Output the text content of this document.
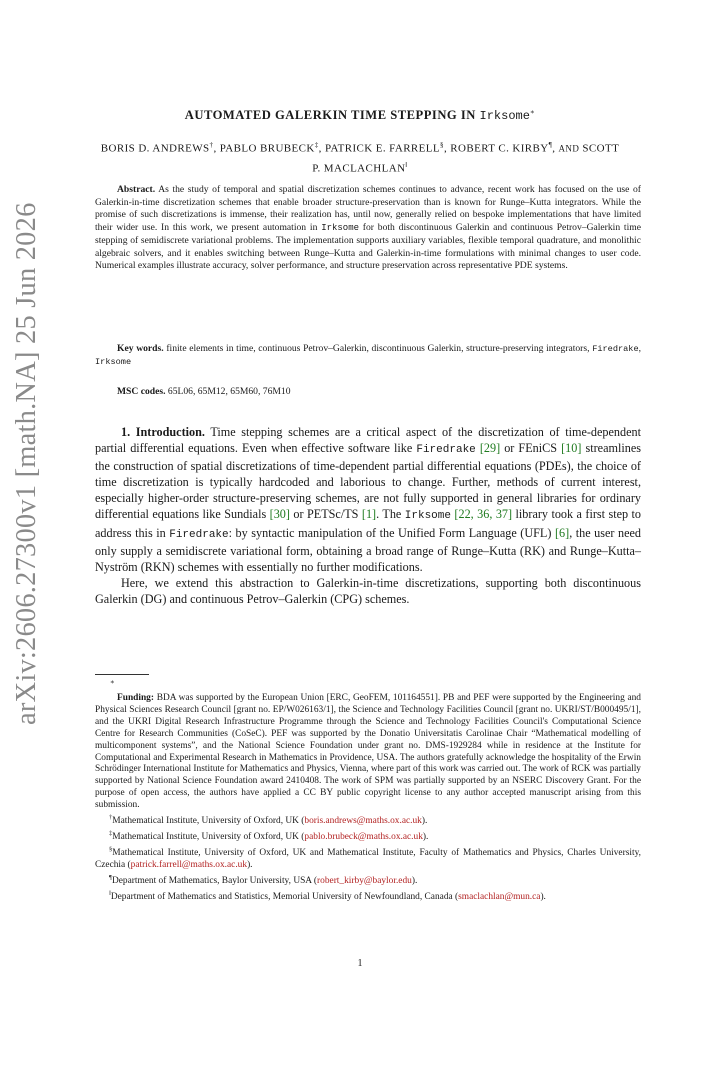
arXiv:2606.27300v1 [math.NA] 25 Jun 2026
AUTOMATED GALERKIN TIME STEPPING IN Irksome∗
BORIS D. ANDREWS†, PABLO BRUBECK‡, PATRICK E. FARRELL§, ROBERT C. KIRBY¶, AND SCOTT P. MACLACHLAN‖

Abstract. As the study of temporal and spatial discretization schemes continues to advance, recent work has focused on the use of Galerkin-in-time discretization schemes that enable broader structure-preservation than is known for Runge–Kutta integrators. While the promise of such discretizations is immense, their realization has, until now, generally relied on bespoke implementations that have limited their wider use. In this work, we present automation in Irksome for both discontinuous Galerkin and continuous Petrov–Galerkin time stepping of semidiscrete variational problems. The implementation supports auxiliary variables, flexible temporal quadrature, and monolithic algebraic solvers, and it enables switching between Runge–Kutta and Galerkin-in-time formulations with minimal changes to user code. Numerical examples illustrate accuracy, solver performance, and structure preservation across representative PDE systems.

Key words. finite elements in time, continuous Petrov–Galerkin, discontinuous Galerkin, structure-preserving integrators, Firedrake, Irksome

MSC codes. 65L06, 65M12, 65M60, 76M10

1. Introduction. Time stepping schemes are a critical aspect of the discretization of time-dependent partial differential equations. Even when effective software like Firedrake [29] or FEniCS [10] streamlines the construction of spatial discretizations of time-dependent partial differential equations (PDEs), the choice of time discretization is typically hardcoded and laborious to change. Further, methods of current interest, especially higher-order structure-preserving schemes, are not fully supported in general libraries for ordinary differential equations like Sundials [30] or PETSc/TS [1]. The Irksome [22, 36, 37] library took a first step to address this in Firedrake: by syntactic manipulation of the Unified Form Language (UFL) [6], the user need only supply a semidiscrete variational form, obtaining a broad range of Runge–Kutta (RK) and Runge–Kutta–Nyström (RKN) schemes with essentially no further modifications.

Here, we extend this abstraction to Galerkin-in-time discretizations, supporting both discontinuous Galerkin (DG) and continuous Petrov–Galerkin (CPG) schemes.

∗

Funding: BDA was supported by the European Union [ERC, GeoFEM, 101164551]. PB and PEF were supported by the Engineering and Physical Sciences Research Council [grant no. EP/W026163/1], the Science and Technology Facilities Council [grant no. UKRI/ST/B000495/1], and the UKRI Digital Research Infrastructure Programme through the Science and Technology Facilities Council's Computational Science Centre for Research Communities (CoSeC). PEF was supported by the Donatio Universitatis Carolinae Chair “Mathematical modelling of multicomponent systems”, and the National Science Foundation under grant no. DMS-1929284 while in residence at the Institute for Computational and Experimental Research in Mathematics in Providence, USA. The authors gratefully acknowledge the hospitality of the Erwin Schrödinger International Institute for Mathematics and Physics, Vienna, where part of this work was carried out. The work of RCK was partially supported by National Science Foundation award 2410408. The work of SPM was partially supported by an NSERC Discovery Grant. For the purpose of open access, the authors have applied a CC BY public copyright license to any author accepted manuscript arising from this submission.

†Mathematical Institute, University of Oxford, UK (boris.andrews@maths.ox.ac.uk).

‡Mathematical Institute, University of Oxford, UK (pablo.brubeck@maths.ox.ac.uk).

§Mathematical Institute, University of Oxford, UK and Mathematical Institute, Faculty of Mathematics and Physics, Charles University, Czechia (patrick.farrell@maths.ox.ac.uk).

¶Department of Mathematics, Baylor University, USA (robert_kirby@baylor.edu).

‖Department of Mathematics and Statistics, Memorial University of Newfoundland, Canada (smaclachlan@mun.ca).

1
